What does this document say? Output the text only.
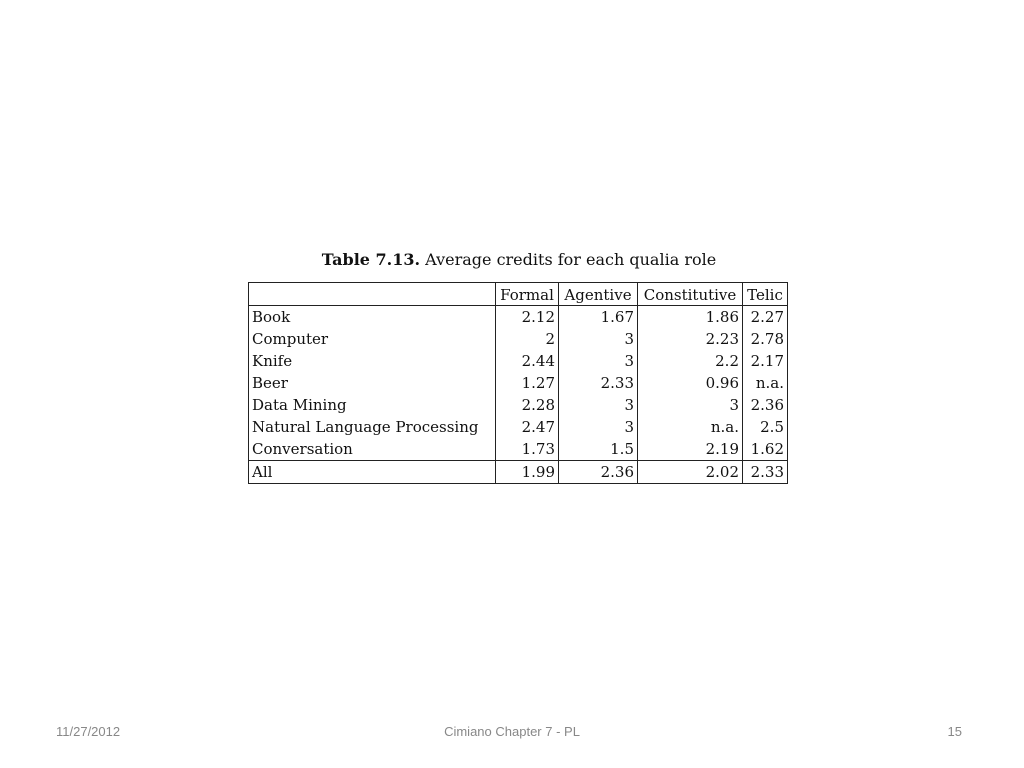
Table 7.13. Average credits for each qualia role
	Formal	Agentive	Constitutive	Telic
Book	2.12	1.67	1.86	2.27
Computer	2	3	2.23	2.78
Knife	2.44	3	2.2	2.17
Beer	1.27	2.33	0.96	n.a.
Data Mining	2.28	3	3	2.36
Natural Language Processing	2.47	3	n.a.	2.5
Conversation	1.73	1.5	2.19	1.62
All	1.99	2.36	2.02	2.33
11/27/2012	Cimiano Chapter 7 - PL	15
